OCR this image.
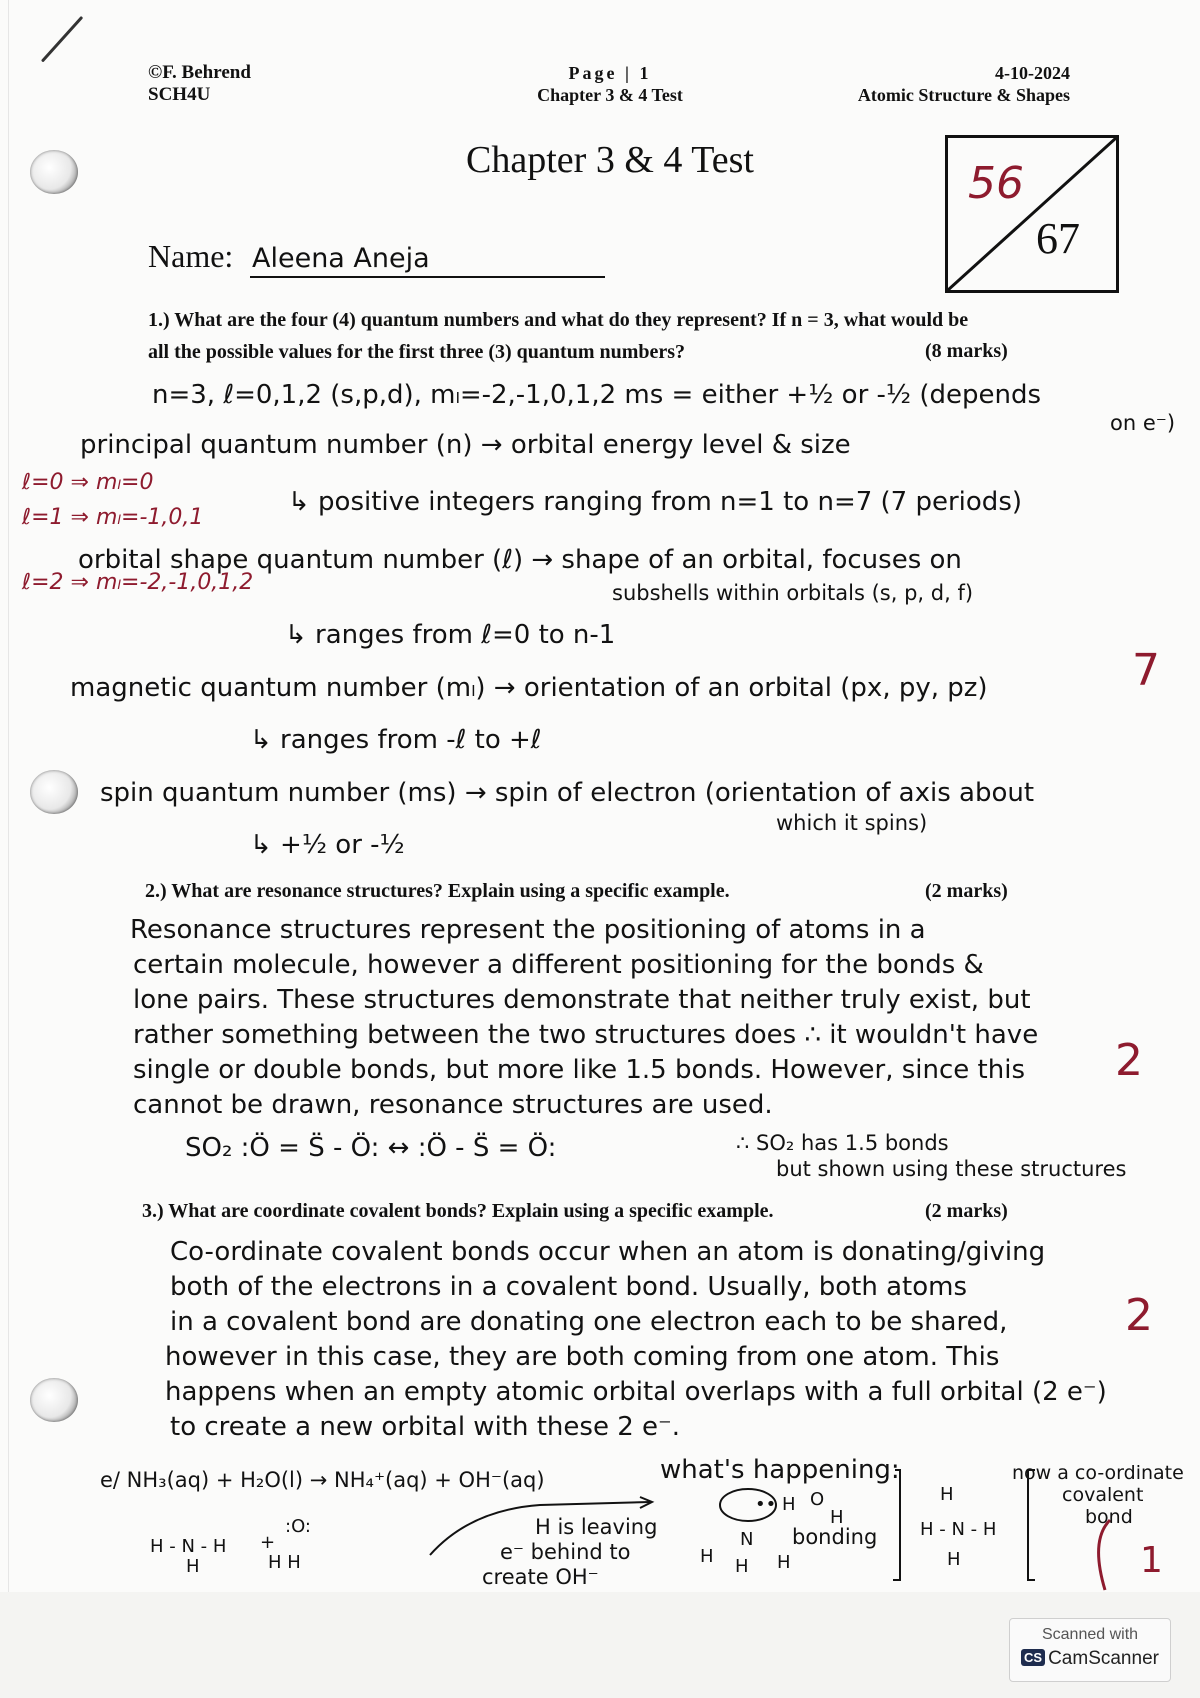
©F. Behrend
SCH4U
Page | 1
Chapter 3 & 4 Test
4-10-2024
Atomic Structure & Shapes
Chapter 3 & 4 Test	56
67
Name: Aleena Aneja
1.) What are the four (4) quantum numbers and what do they represent? If n = 3, what would be
all the possible values for the first three (3) quantum numbers?	(8 marks)
n=3, ℓ=0,1,2 (s,p,d), mₗ=-2,-1,0,1,2 ms = either +½ or -½ (depends
on e⁻)
principal quantum number (n) → orbital energy level & size
↳ positive integers ranging from n=1 to n=7 (7 periods)
orbital shape quantum number (ℓ) → shape of an orbital, focuses on
subshells within orbitals (s, p, d, f)
↳ ranges from ℓ=0 to n-1
magnetic quantum number (mₗ) → orientation of an orbital (px, py, pz)
↳ ranges from -ℓ to +ℓ
spin quantum number (ms) → spin of electron (orientation of axis about
which it spins)
↳ +½ or -½
ℓ=0 ⇒ mₗ=0
ℓ=1 ⇒ mₗ=-1,0,1
ℓ=2 ⇒ mₗ=-2,-1,0,1,2
7
2.) What are resonance structures? Explain using a specific example.	(2 marks)
Resonance structures represent the positioning of atoms in a
certain molecule, however a different positioning for the bonds &
lone pairs. These structures demonstrate that neither truly exist, but
rather something between the two structures does ∴ it wouldn't have
single or double bonds, but more like 1.5 bonds. However, since this
cannot be drawn, resonance structures are used.
SO₂ :Ö = S̈ - Ö: ↔ :Ö - S̈ = Ö:	∴ SO₂ has 1.5 bonds
but shown using these structures
2
3.) What are coordinate covalent bonds? Explain using a specific example.	(2 marks)
Co-ordinate covalent bonds occur when an atom is donating/giving
both of the electrons in a covalent bond. Usually, both atoms
in a covalent bond are donating one electron each to be shared,
however in this case, they are both coming from one atom. This
happens when an empty atomic orbital overlaps with a full orbital (2 e⁻)
to create a new orbital with these 2 e⁻.
2
e/ NH₃(aq) + H₂O(l) → NH₄⁺(aq) + OH⁻(aq)	what's happening:
H - N - H
H
+
:O:
H H	H
N
H H
•• H O
H
H
H - N - H
H
H is leaving
e⁻ behind to
create OH⁻
bonding
now a co-ordinate
covalent
bond
1
Scanned with
CS CamScanner
